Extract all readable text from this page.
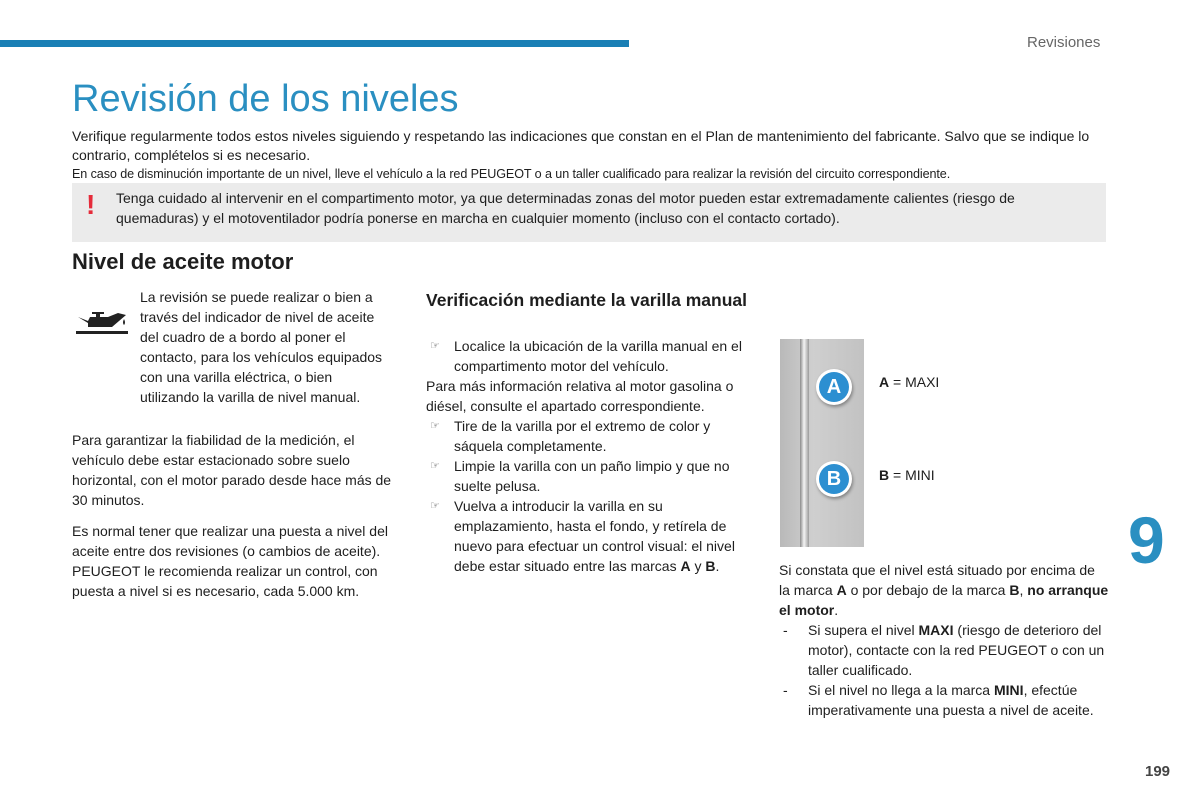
Revisiones
Revisión de los niveles

Verifique regularmente todos estos niveles siguiendo y respetando las indicaciones que constan en el Plan de mantenimiento del fabricante. Salvo que se indique lo contrario, complételos si es necesario.

En caso de disminución importante de un nivel, lleve el vehículo a la red PEUGEOT o a un taller cualificado para realizar la revisión del circuito correspondiente.

! Tenga cuidado al intervenir en el compartimento motor, ya que determinadas zonas del motor pueden estar extremadamente calientes (riesgo de quemaduras) y el motoventilador podría ponerse en marcha en cualquier momento (incluso con el contacto cortado).
Nivel de aceite motor
La revisión se puede realizar o bien a través del indicador de nivel de aceite del cuadro de a bordo al poner el contacto, para los vehículos equipados con una varilla eléctrica, o bien utilizando la varilla de nivel manual.
Para garantizar la fiabilidad de la medición, el vehículo debe estar estacionado sobre suelo horizontal, con el motor parado desde hace más de 30 minutos.
Es normal tener que realizar una puesta a nivel del aceite entre dos revisiones (o cambios de aceite). PEUGEOT le recomienda realizar un control, con puesta a nivel si es necesario, cada 5.000 km.
Verificación mediante la varilla manual

☞ Localice la ubicación de la varilla manual en el compartimento motor del vehículo.

Para más información relativa al motor gasolina o diésel, consulte el apartado correspondiente.

☞ Tire de la varilla por el extremo de color y sáquela completamente.

☞ Limpie la varilla con un paño limpio y que no suelte pelusa.

☞ Vuelva a introducir la varilla en su emplazamiento, hasta el fondo, y retírela de nuevo para efectuar un control visual: el nivel debe estar situado entre las marcas A y B.

A
B
A = MAXI
B = MINI

Si constata que el nivel está situado por encima de la marca A o por debajo de la marca B, no arranque el motor.

- Si supera el nivel MAXI (riesgo de deterioro del motor), contacte con la red PEUGEOT o con un taller cualificado.

- Si el nivel no llega a la marca MINI, efectúe imperativamente una puesta a nivel de aceite.

9
199
